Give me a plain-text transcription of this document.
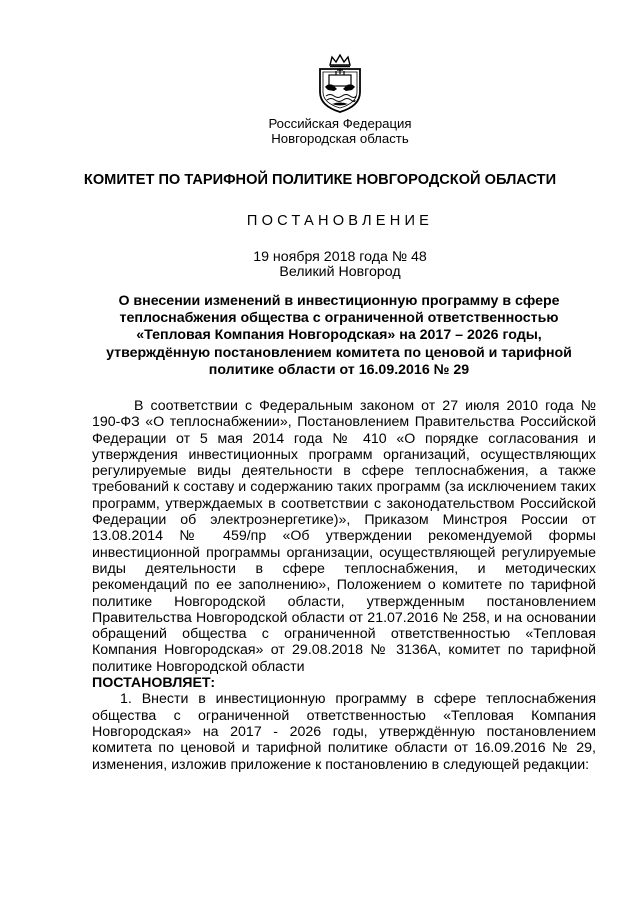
Российская Федерация
Новгородская область
КОМИТЕТ ПО ТАРИФНОЙ ПОЛИТИКЕ НОВГОРОДСКОЙ ОБЛАСТИ
ПОСТАНОВЛЕНИЕ
19 ноября 2018 года № 48
Великий Новгород
О внесении изменений в инвестиционную программу в сфере теплоснабжения общества с ограниченной ответственностью «Тепловая Компания Новгородская» на 2017 – 2026 годы, утверждённую постановлением комитета по ценовой и тарифной политике области от 16.09.2016 № 29

В соответствии с Федеральным законом от 27 июля 2010 года № 190-ФЗ «О теплоснабжении», Постановлением Правительства Российской Федерации от 5 мая 2014 года № 410 «О порядке согласования и утверждения инвестиционных программ организаций, осуществляющих регулируемые виды деятельности в сфере теплоснабжения, а также требований к составу и содержанию таких программ (за исключением таких программ, утверждаемых в соответствии с законодательством Российской Федерации об электроэнергетике)», Приказом Минстроя России от 13.08.2014 № 459/пр «Об утверждении рекомендуемой формы инвестиционной программы организации, осуществляющей регулируемые виды деятельности в сфере теплоснабжения, и методических рекомендаций по ее заполнению», Положением о комитете по тарифной политике Новгородской области, утвержденным постановлением Правительства Новгородской области от 21.07.2016 № 258, и на основании обращений общества с ограниченной ответственностью «Тепловая Компания Новгородская» от 29.08.2018 № 3136А, комитет по тарифной политике Новгородской области

ПОСТАНОВЛЯЕТ:

1. Внести в инвестиционную программу в сфере теплоснабжения общества с ограниченной ответственностью «Тепловая Компания Новгородская» на 2017 - 2026 годы, утверждённую постановлением комитета по ценовой и тарифной политике области от 16.09.2016 № 29, изменения, изложив приложение к постановлению в следующей редакции:
